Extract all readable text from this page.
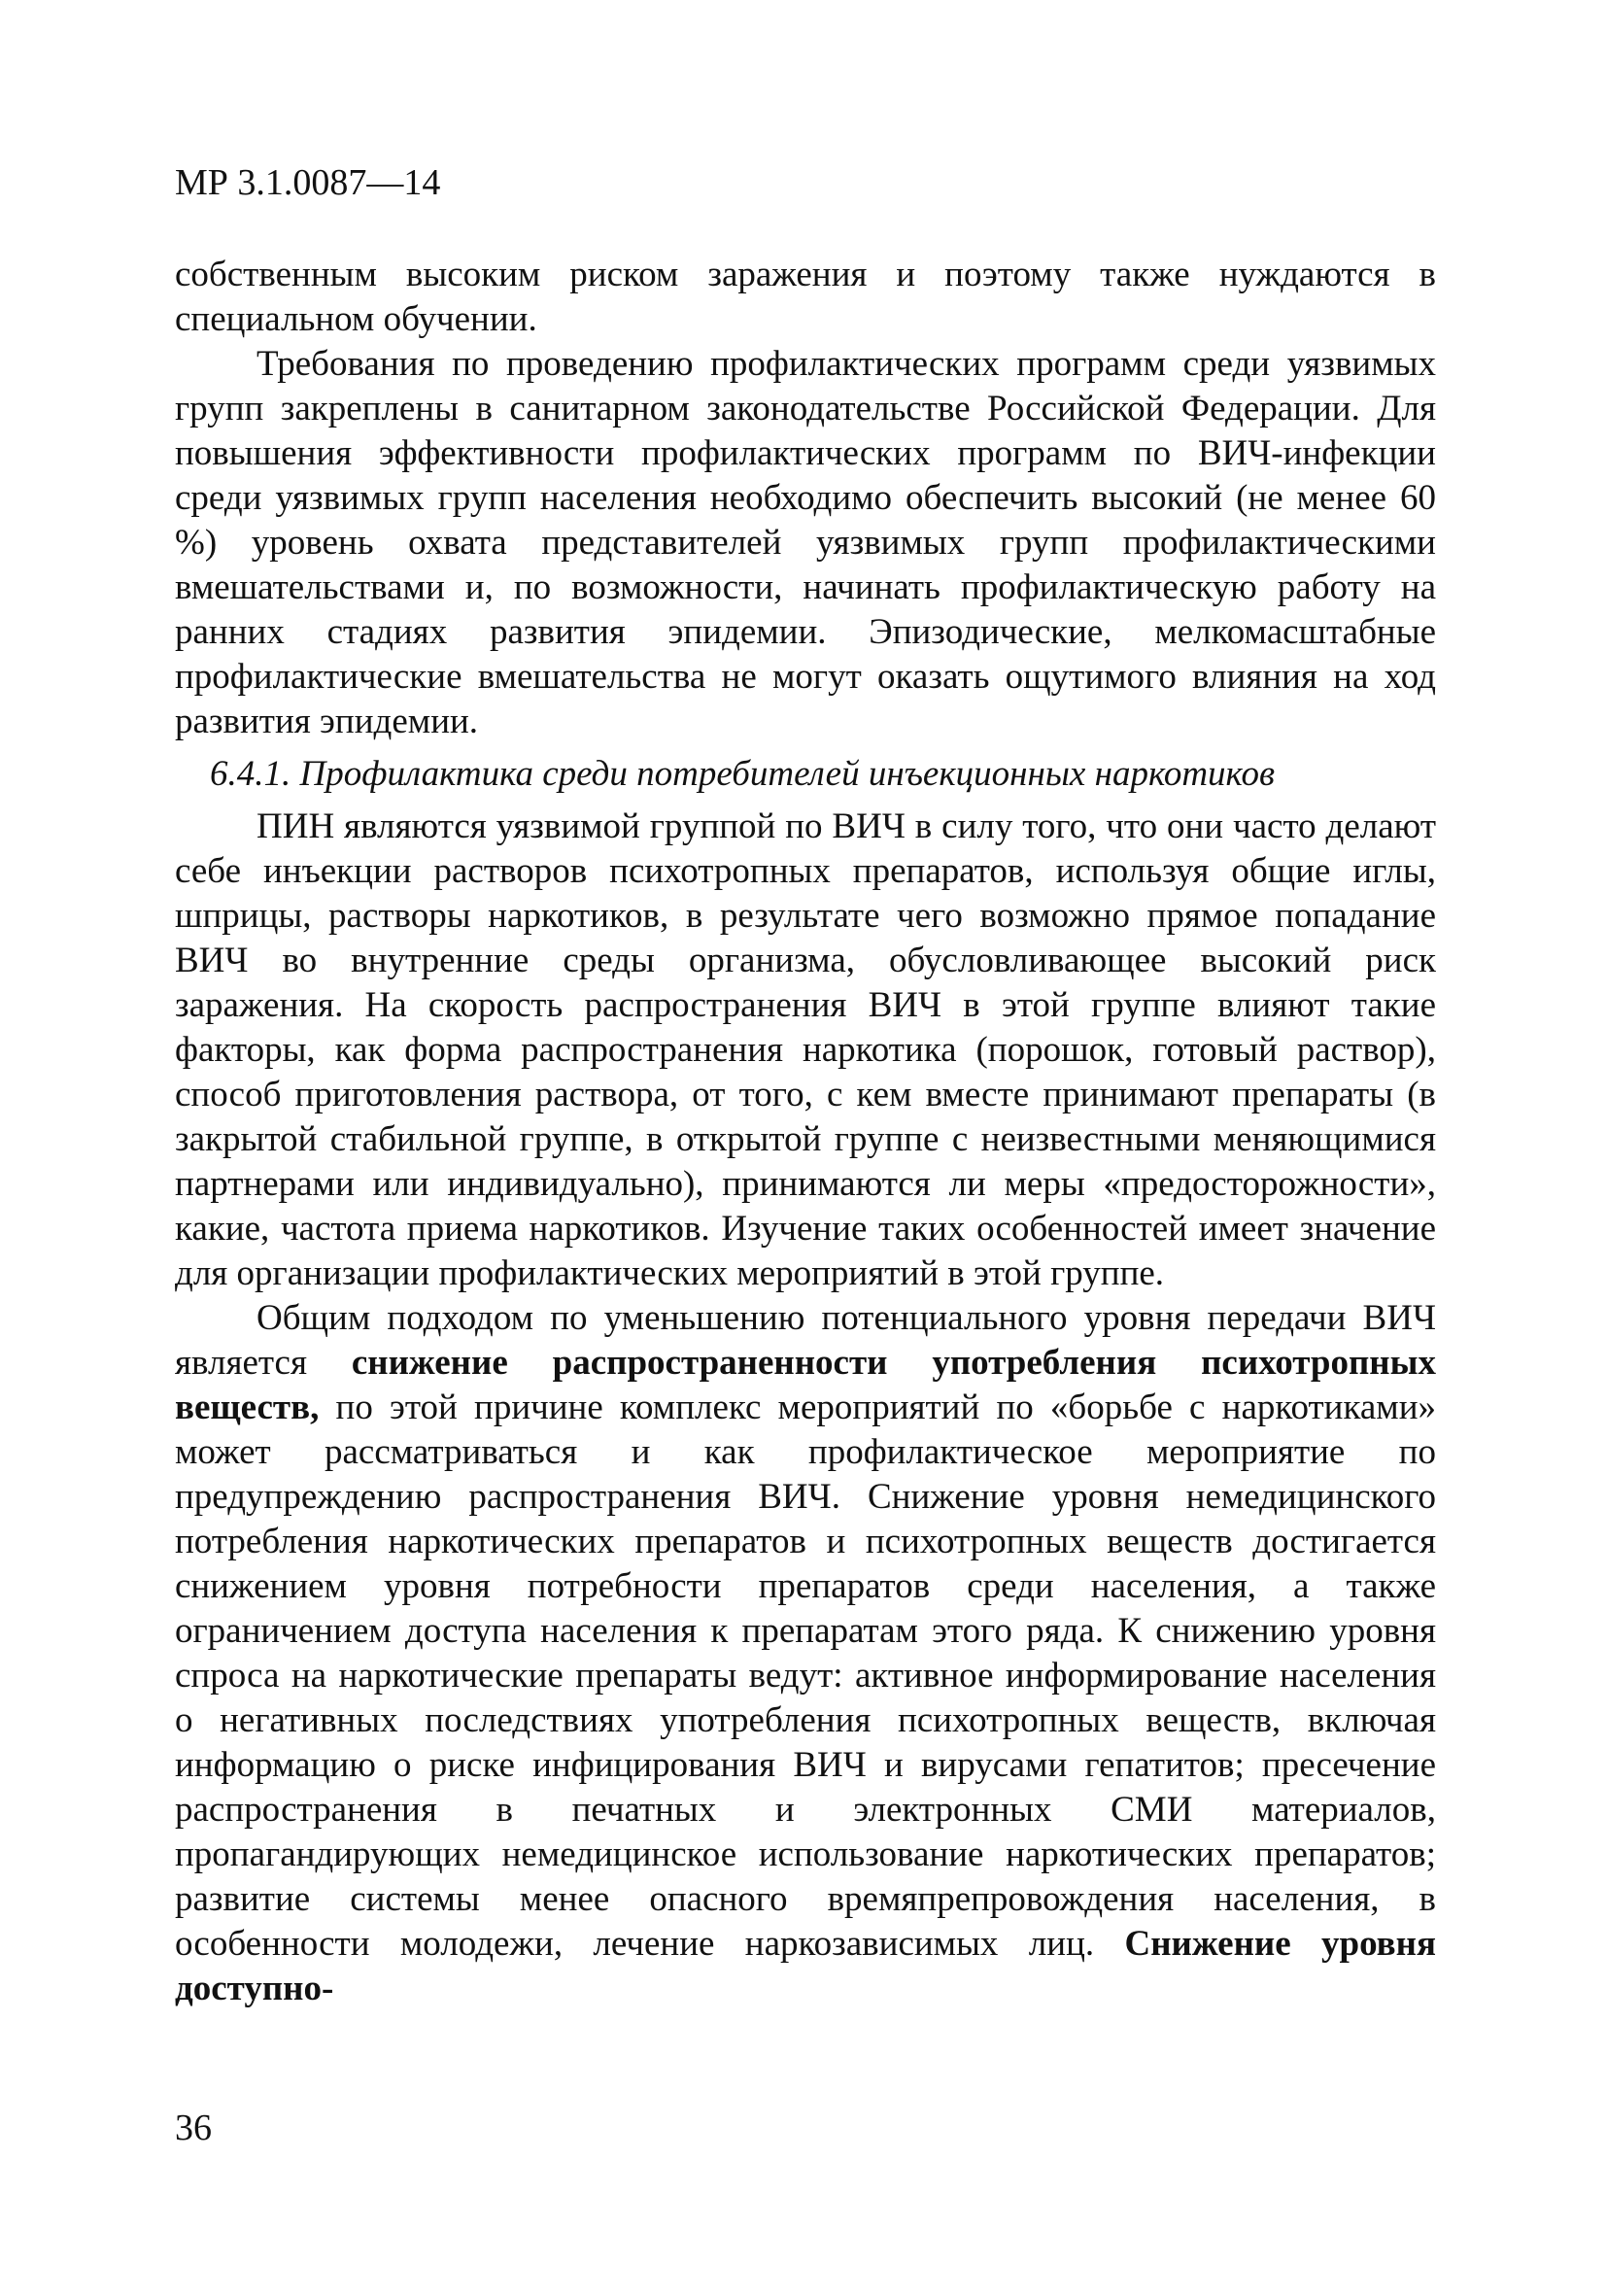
МР 3.1.0087—14

собственным высоким риском заражения и поэтому также нуждаются в специальном обучении.

Требования по проведению профилактических программ среди уязвимых групп закреплены в санитарном законодательстве Российской Федерации. Для повышения эффективности профилактических программ по ВИЧ-инфекции среди уязвимых групп населения необходимо обеспечить высокий (не менее 60 %) уровень охвата представителей уязвимых групп профилактическими вмешательствами и, по возможности, начинать профилактическую работу на ранних стадиях развития эпидемии. Эпизодические, мелкомасштабные профилактические вмешательства не могут оказать ощутимого влияния на ход развития эпидемии.

6.4.1. Профилактика среди потребителей инъекционных наркотиков

ПИН являются уязвимой группой по ВИЧ в силу того, что они часто делают себе инъекции растворов психотропных препаратов, используя общие иглы, шприцы, растворы наркотиков, в результате чего возможно прямое попадание ВИЧ во внутренние среды организма, обусловливающее высокий риск заражения. На скорость распространения ВИЧ в этой группе влияют такие факторы, как форма распространения наркотика (порошок, готовый раствор), способ приготовления раствора, от того, с кем вместе принимают препараты (в закрытой стабильной группе, в открытой группе с неизвестными меняющимися партнерами или индивидуально), принимаются ли меры «предосторожности», какие, частота приема наркотиков. Изучение таких особенностей имеет значение для организации профилактических мероприятий в этой группе.

Общим подходом по уменьшению потенциального уровня передачи ВИЧ является снижение распространенности употребления психотропных веществ, по этой причине комплекс мероприятий по «борьбе с наркотиками» может рассматриваться и как профилактическое мероприятие по предупреждению распространения ВИЧ. Снижение уровня немедицинского потребления наркотических препаратов и психотропных веществ достигается снижением уровня потребности препаратов среди населения, а также ограничением доступа населения к препаратам этого ряда. К снижению уровня спроса на наркотические препараты ведут: активное информирование населения о негативных последствиях употребления психотропных веществ, включая информацию о риске инфицирования ВИЧ и вирусами гепатитов; пресечение распространения в печатных и электронных СМИ материалов, пропагандирующих немедицинское использование наркотических препаратов; развитие системы менее опасного времяпрепровождения населения, в особенности молодежи, лечение наркозависимых лиц. Снижение уровня доступно-

36
